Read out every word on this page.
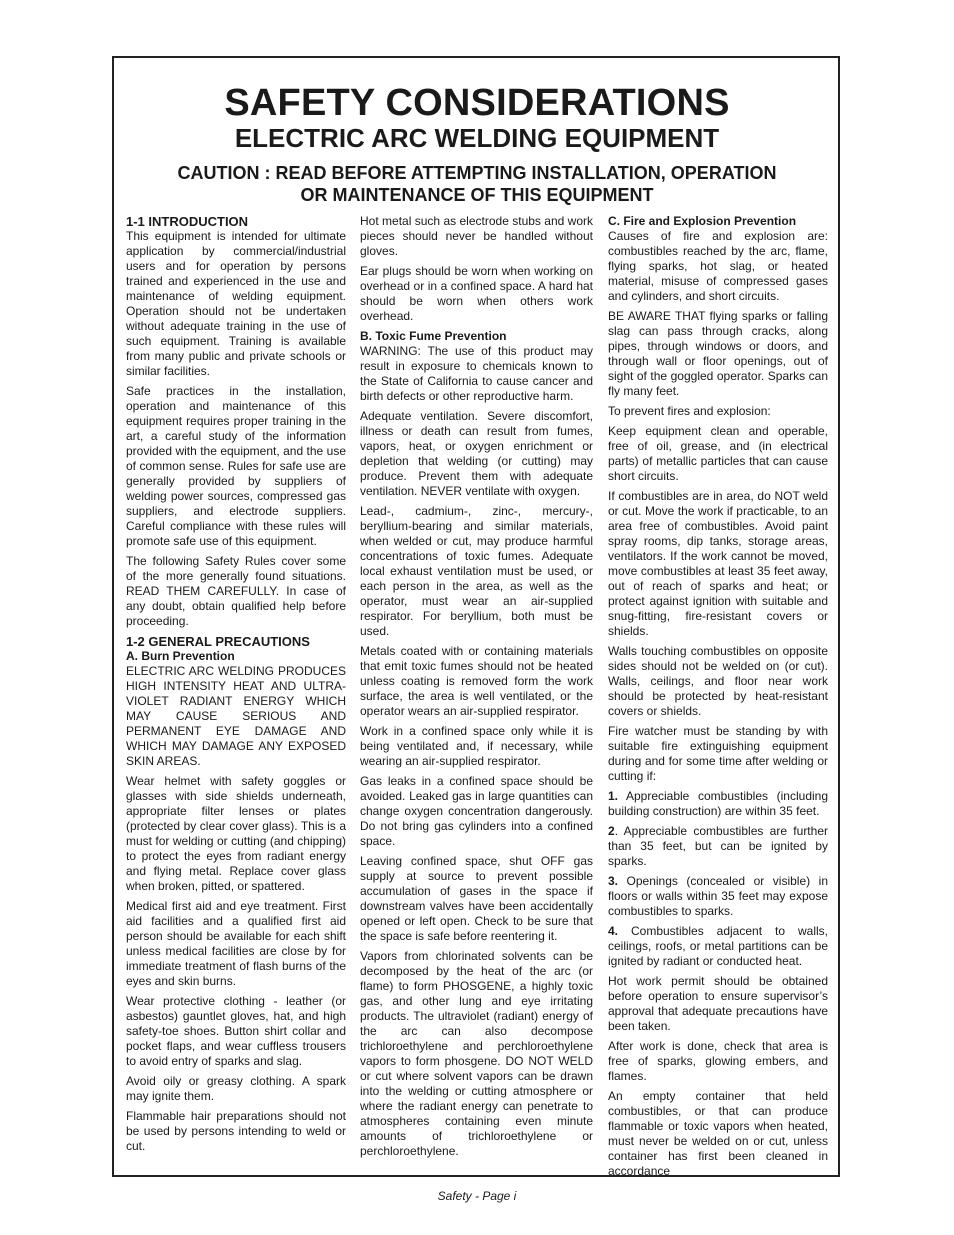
SAFETY CONSIDERATIONS
ELECTRIC ARC WELDING EQUIPMENT
CAUTION : READ BEFORE ATTEMPTING INSTALLATION, OPERATION
OR MAINTENANCE OF THIS EQUIPMENT
1-1 INTRODUCTION

This equipment is intended for ultimate application by commercial/industrial users and for operation by persons trained and experienced in the use and maintenance of welding equipment. Operation should not be undertaken without adequate training in the use of such equipment. Training is available from many public and private schools or similar facilities.

Safe practices in the installation, operation and maintenance of this equipment requires proper training in the art, a careful study of the information provided with the equipment, and the use of common sense. Rules for safe use are generally provided by suppliers of welding power sources, compressed gas suppliers, and electrode suppliers. Careful compliance with these rules will promote safe use of this equipment.

The following Safety Rules cover some of the more generally found situations. READ THEM CAREFULLY. In case of any doubt, obtain qualified help before proceeding.

1-2 GENERAL PRECAUTIONS
A. Burn Prevention

ELECTRIC ARC WELDING PRODUCES HIGH INTENSITY HEAT AND ULTRA-VIOLET RADIANT ENERGY WHICH MAY CAUSE SERIOUS AND PERMANENT EYE DAMAGE AND WHICH MAY DAMAGE ANY EXPOSED SKIN AREAS.

Wear helmet with safety goggles or glasses with side shields underneath, appropriate filter lenses or plates (protected by clear cover glass). This is a must for welding or cutting (and chipping) to protect the eyes from radiant energy and flying metal. Replace cover glass when broken, pitted, or spattered.

Medical first aid and eye treatment. First aid facilities and a qualified first aid person should be available for each shift unless medical facilities are close by for immediate treatment of flash burns of the eyes and skin burns.

Wear protective clothing - leather (or asbestos) gauntlet gloves, hat, and high safety-toe shoes. Button shirt collar and pocket flaps, and wear cuffless trousers to avoid entry of sparks and slag.

Avoid oily or greasy clothing. A spark may ignite them.

Flammable hair preparations should not be used by persons intending to weld or cut.

Hot metal such as electrode stubs and work pieces should never be handled without gloves.

Ear plugs should be worn when working on overhead or in a confined space. A hard hat should be worn when others work overhead.

B. Toxic Fume Prevention

WARNING: The use of this product may result in exposure to chemicals known to the State of California to cause cancer and birth defects or other reproductive harm.

Adequate ventilation. Severe discomfort, illness or death can result from fumes, vapors, heat, or oxygen enrichment or depletion that welding (or cutting) may produce. Prevent them with adequate ventilation. NEVER ventilate with oxygen.

Lead-, cadmium-, zinc-, mercury-, beryllium-bearing and similar materials, when welded or cut, may produce harmful concentrations of toxic fumes. Adequate local exhaust ventilation must be used, or each person in the area, as well as the operator, must wear an air-supplied respirator. For beryllium, both must be used.

Metals coated with or containing materials that emit toxic fumes should not be heated unless coating is removed form the work surface, the area is well ventilated, or the operator wears an air-supplied respirator.

Work in a confined space only while it is being ventilated and, if necessary, while wearing an air-supplied respirator.

Gas leaks in a confined space should be avoided. Leaked gas in large quantities can change oxygen concentration dangerously. Do not bring gas cylinders into a confined space.

Leaving confined space, shut OFF gas supply at source to prevent possible accumulation of gases in the space if downstream valves have been accidentally opened or left open. Check to be sure that the space is safe before reentering it.

Vapors from chlorinated solvents can be decomposed by the heat of the arc (or flame) to form PHOSGENE, a highly toxic gas, and other lung and eye irritating products. The ultraviolet (radiant) energy of the arc can also decompose trichloroethylene and perchloroethylene vapors to form phosgene. DO NOT WELD or cut where solvent vapors can be drawn into the welding or cutting atmosphere or where the radiant energy can penetrate to atmospheres containing even minute amounts of trichloroethylene or perchloroethylene.

C. Fire and Explosion Prevention

Causes of fire and explosion are: combustibles reached by the arc, flame, flying sparks, hot slag, or heated material, misuse of compressed gases and cylinders, and short circuits.

BE AWARE THAT flying sparks or falling slag can pass through cracks, along pipes, through windows or doors, and through wall or floor openings, out of sight of the goggled operator. Sparks can fly many feet.

To prevent fires and explosion:

Keep equipment clean and operable, free of oil, grease, and (in electrical parts) of metallic particles that can cause short circuits.

If combustibles are in area, do NOT weld or cut. Move the work if practicable, to an area free of combustibles. Avoid paint spray rooms, dip tanks, storage areas, ventilators. If the work cannot be moved, move combustibles at least 35 feet away, out of reach of sparks and heat; or protect against ignition with suitable and snug-fitting, fire-resistant covers or shields.

Walls touching combustibles on opposite sides should not be welded on (or cut). Walls, ceilings, and floor near work should be protected by heat-resistant covers or shields.

Fire watcher must be standing by with suitable fire extinguishing equipment during and for some time after welding or cutting if:

1. Appreciable combustibles (including building construction) are within 35 feet.

2. Appreciable combustibles are further than 35 feet, but can be ignited by sparks.

3. Openings (concealed or visible) in floors or walls within 35 feet may expose combustibles to sparks.

4. Combustibles adjacent to walls, ceilings, roofs, or metal partitions can be ignited by radiant or conducted heat.

Hot work permit should be obtained before operation to ensure supervisor’s approval that adequate precautions have been taken.

After work is done, check that area is free of sparks, glowing embers, and flames.

An empty container that held combustibles, or that can produce flammable or toxic vapors when heated, must never be welded on or cut, unless container has first been cleaned in accordance

Safety - Page i
